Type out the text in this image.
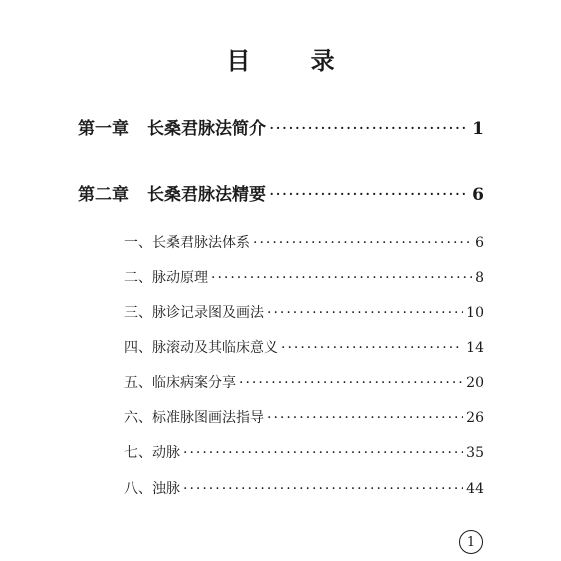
目 录
第一章 长桑君脉法简介 ·····	1
第二章 长桑君脉法精要 ·····	6
一、长桑君脉法体系 ·····	6
二、脉动原理 ·····	8
三、脉诊记录图及画法 ·····	10
四、脉滚动及其临床意义 ·····	14
五、临床病案分享 ·····	20
六、标准脉图画法指导 ·····	26
七、动脉 ·····	35
八、浊脉 ·····	44
1
